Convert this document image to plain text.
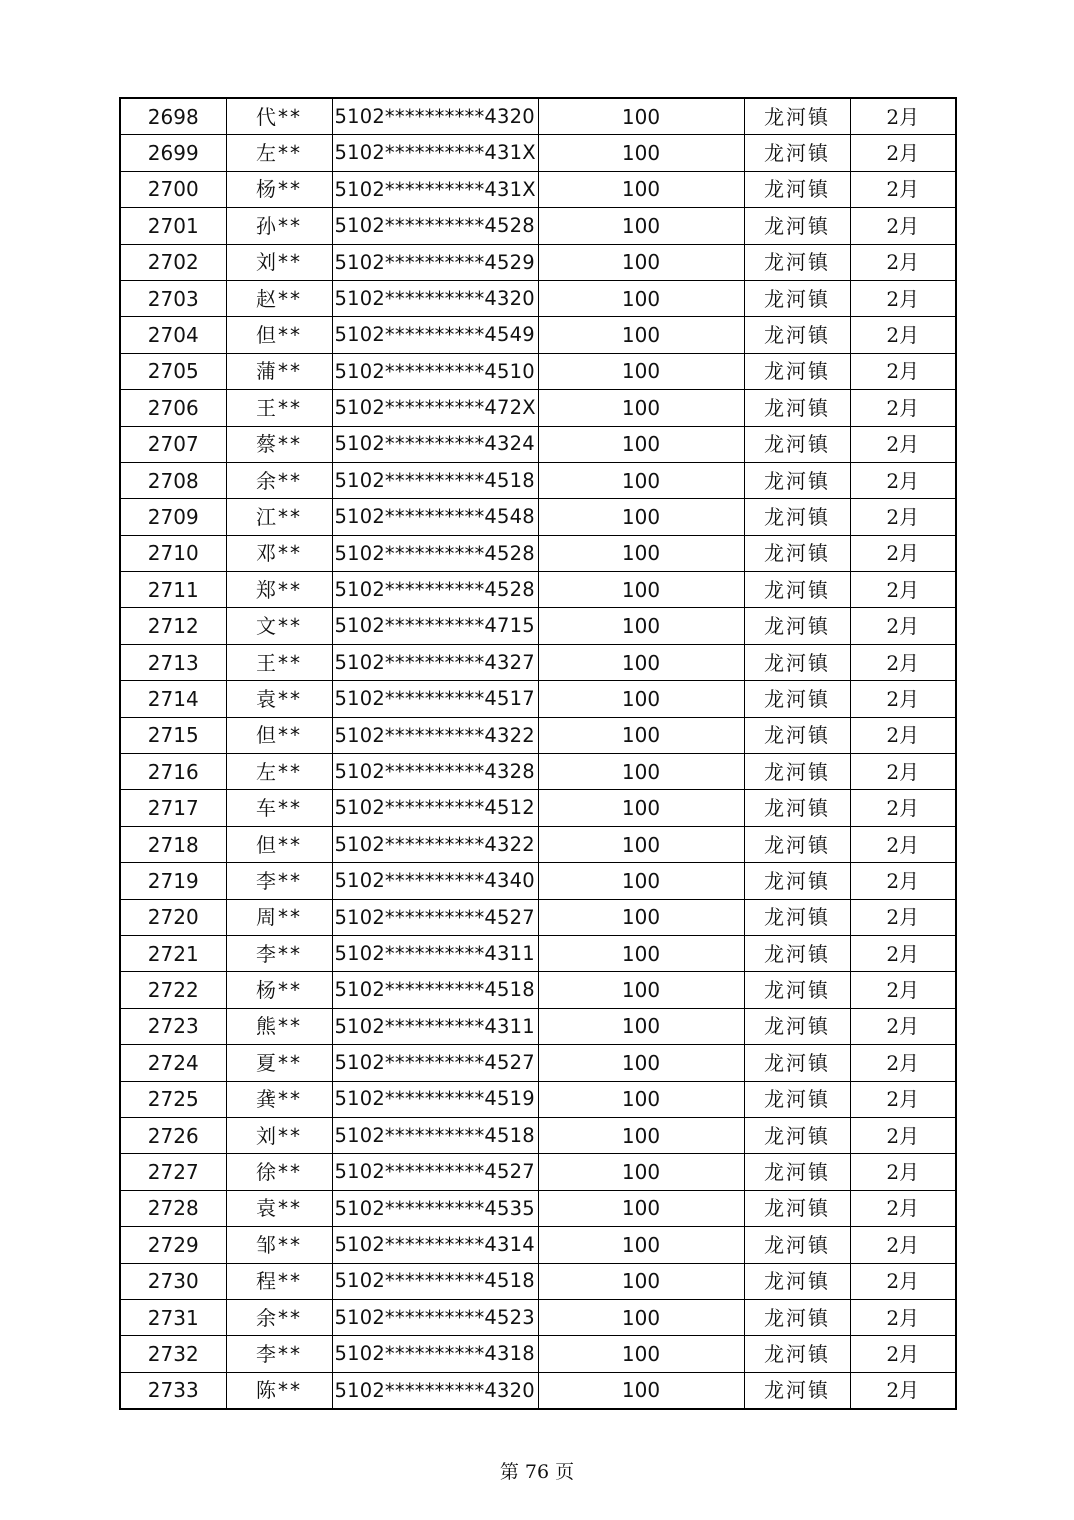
2698	代**	5102**********4320	100	龙河镇	2月
2699	左**	5102**********431X	100	龙河镇	2月
2700	杨**	5102**********431X	100	龙河镇	2月
2701	孙**	5102**********4528	100	龙河镇	2月
2702	刘**	5102**********4529	100	龙河镇	2月
2703	赵**	5102**********4320	100	龙河镇	2月
2704	但**	5102**********4549	100	龙河镇	2月
2705	蒲**	5102**********4510	100	龙河镇	2月
2706	王**	5102**********472X	100	龙河镇	2月
2707	蔡**	5102**********4324	100	龙河镇	2月
2708	余**	5102**********4518	100	龙河镇	2月
2709	江**	5102**********4548	100	龙河镇	2月
2710	邓**	5102**********4528	100	龙河镇	2月
2711	郑**	5102**********4528	100	龙河镇	2月
2712	文**	5102**********4715	100	龙河镇	2月
2713	王**	5102**********4327	100	龙河镇	2月
2714	袁**	5102**********4517	100	龙河镇	2月
2715	但**	5102**********4322	100	龙河镇	2月
2716	左**	5102**********4328	100	龙河镇	2月
2717	车**	5102**********4512	100	龙河镇	2月
2718	但**	5102**********4322	100	龙河镇	2月
2719	李**	5102**********4340	100	龙河镇	2月
2720	周**	5102**********4527	100	龙河镇	2月
2721	李**	5102**********4311	100	龙河镇	2月
2722	杨**	5102**********4518	100	龙河镇	2月
2723	熊**	5102**********4311	100	龙河镇	2月
2724	夏**	5102**********4527	100	龙河镇	2月
2725	龚**	5102**********4519	100	龙河镇	2月
2726	刘**	5102**********4518	100	龙河镇	2月
2727	徐**	5102**********4527	100	龙河镇	2月
2728	袁**	5102**********4535	100	龙河镇	2月
2729	邹**	5102**********4314	100	龙河镇	2月
2730	程**	5102**********4518	100	龙河镇	2月
2731	余**	5102**********4523	100	龙河镇	2月
2732	李**	5102**********4318	100	龙河镇	2月
2733	陈**	5102**********4320	100	龙河镇	2月
第 76 页
